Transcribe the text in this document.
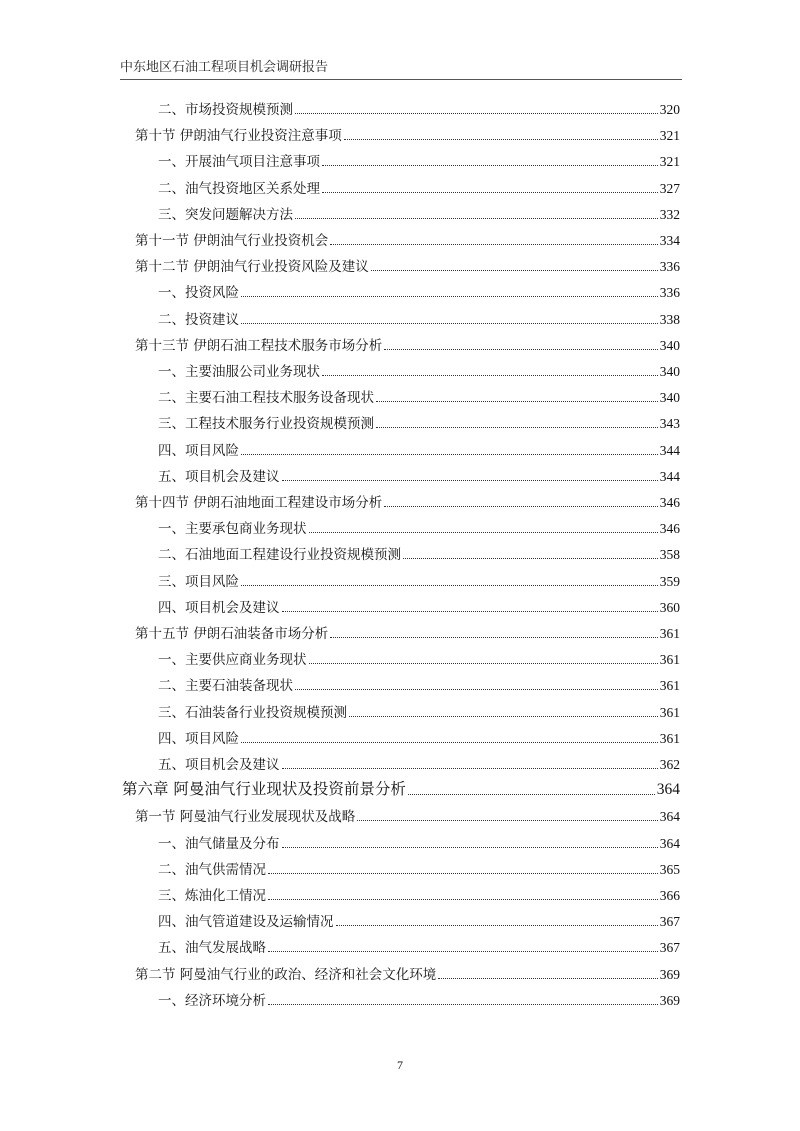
中东地区石油工程项目机会调研报告
二、市场投资规模预测	320
第十节 伊朗油气行业投资注意事项	321
一、开展油气项目注意事项	321
二、油气投资地区关系处理	327
三、突发问题解决方法	332
第十一节 伊朗油气行业投资机会	334
第十二节 伊朗油气行业投资风险及建议	336
一、投资风险	336
二、投资建议	338
第十三节 伊朗石油工程技术服务市场分析	340
一、主要油服公司业务现状	340
二、主要石油工程技术服务设备现状	340
三、工程技术服务行业投资规模预测	343
四、项目风险	344
五、项目机会及建议	344
第十四节 伊朗石油地面工程建设市场分析	346
一、主要承包商业务现状	346
二、石油地面工程建设行业投资规模预测	358
三、项目风险	359
四、项目机会及建议	360
第十五节 伊朗石油装备市场分析	361
一、主要供应商业务现状	361
二、主要石油装备现状	361
三、石油装备行业投资规模预测	361
四、项目风险	361
五、项目机会及建议	362
第六章 阿曼油气行业现状及投资前景分析	364
第一节 阿曼油气行业发展现状及战略	364
一、油气储量及分布	364
二、油气供需情况	365
三、炼油化工情况	366
四、油气管道建设及运输情况	367
五、油气发展战略	367
第二节 阿曼油气行业的政治、经济和社会文化环境	369
一、经济环境分析	369
7
